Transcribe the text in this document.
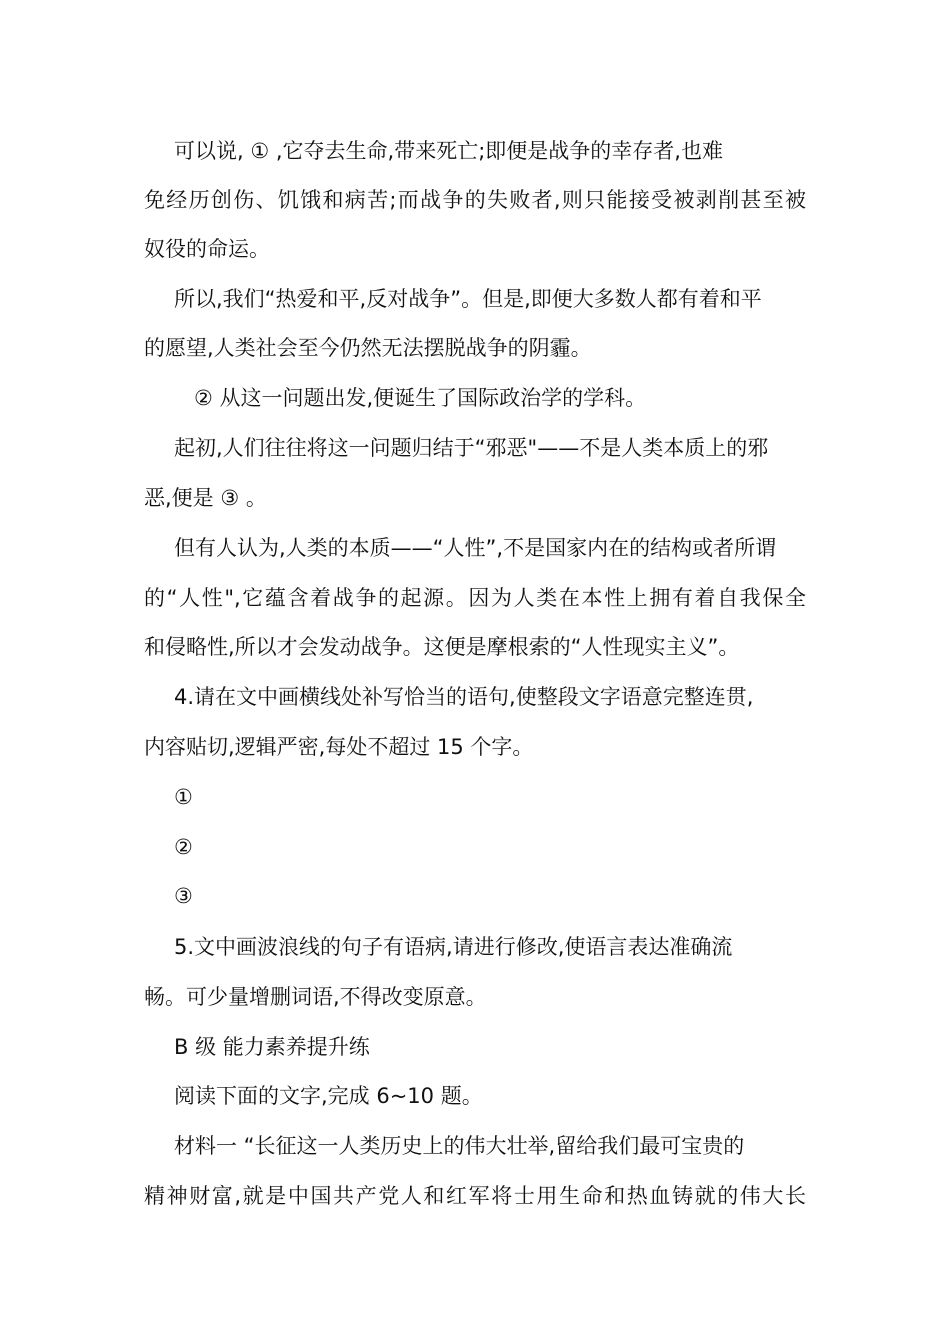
可以说, ① ,它夺去生命,带来死亡;即便是战争的幸存者,也难
免经历创伤、饥饿和病苦;而战争的失败者,则只能接受被剥削甚至被
奴役的命运。
所以,我们“热爱和平,反对战争”。但是,即便大多数人都有着和平
的愿望,人类社会至今仍然无法摆脱战争的阴霾。
② 从这一问题出发,便诞生了国际政治学的学科。
起初,人们往往将这一问题归结于“邪恶"——不是人类本质上的邪
恶,便是 ③ 。
但有人认为,人类的本质——“人性”,不是国家内在的结构或者所谓
的“人性",它蕴含着战争的起源。因为人类在本性上拥有着自我保全
和侵略性,所以才会发动战争。这便是摩根索的“人性现实主义”。
4.请在文中画横线处补写恰当的语句,使整段文字语意完整连贯,
内容贴切,逻辑严密,每处不超过 15 个字。
①
②
③
5.文中画波浪线的句子有语病,请进行修改,使语言表达准确流
畅。可少量增删词语,不得改变原意。
B 级 能力素养提升练
阅读下面的文字,完成 6~10 题。
材料一 “长征这一人类历史上的伟大壮举,留给我们最可宝贵的
精神财富,就是中国共产党人和红军将士用生命和热血铸就的伟大长
